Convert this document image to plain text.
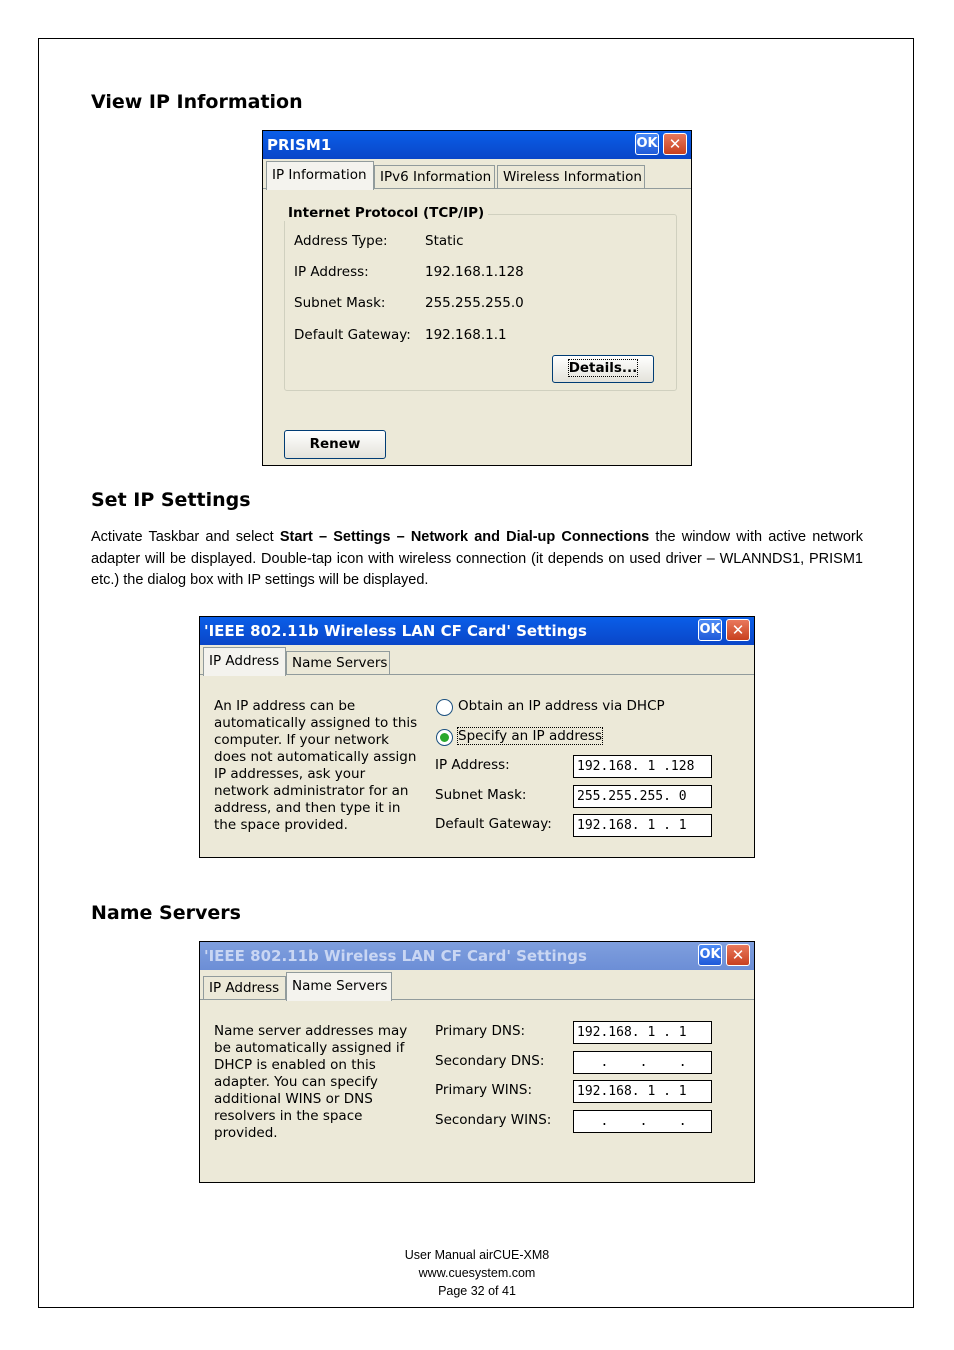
View IP Information
PRISM1	OK ✕
IP Information IPv6 Information Wireless Information
Internet Protocol (TCP/IP)
Address Type:	Static
IP Address:	192.168.1.128
Subnet Mask:	255.255.255.0
Default Gateway: 192.168.1.1
Details...
Renew
Set IP Settings

Activate Taskbar and select Start – Settings – Network and Dial-up Connections the window with active network adapter will be displayed. Double-tap icon with wireless connection (it depends on used driver – WLANNDS1, PRISM1 etc.) the dialog box with IP settings will be displayed.

'IEEE 802.11b Wireless LAN CF Card' Settings	OK ✕
IP Address Name Servers
An IP address can be automatically assigned to this computer. If your network does not automatically assign IP addresses, ask your network administrator for an address, and then type it in the space provided.
Obtain an IP address via DHCP
Specify an IP address
IP Address:	192.168. 1 .128
Subnet Mask:	255.255.255. 0
Default Gateway:	192.168. 1 . 1
Name Servers
'IEEE 802.11b Wireless LAN CF Card' Settings	OK ✕
IP Address Name Servers
Name server addresses may be automatically assigned if DHCP is enabled on this adapter. You can specify additional WINS or DNS resolvers in the space provided.
Primary DNS:	192.168. 1 . 1
Secondary DNS:	.    .    .
Primary WINS:	192.168. 1 . 1
Secondary WINS:	.    .    .
User Manual airCUE-XM8
www.cuesystem.com
Page 32 of 41
